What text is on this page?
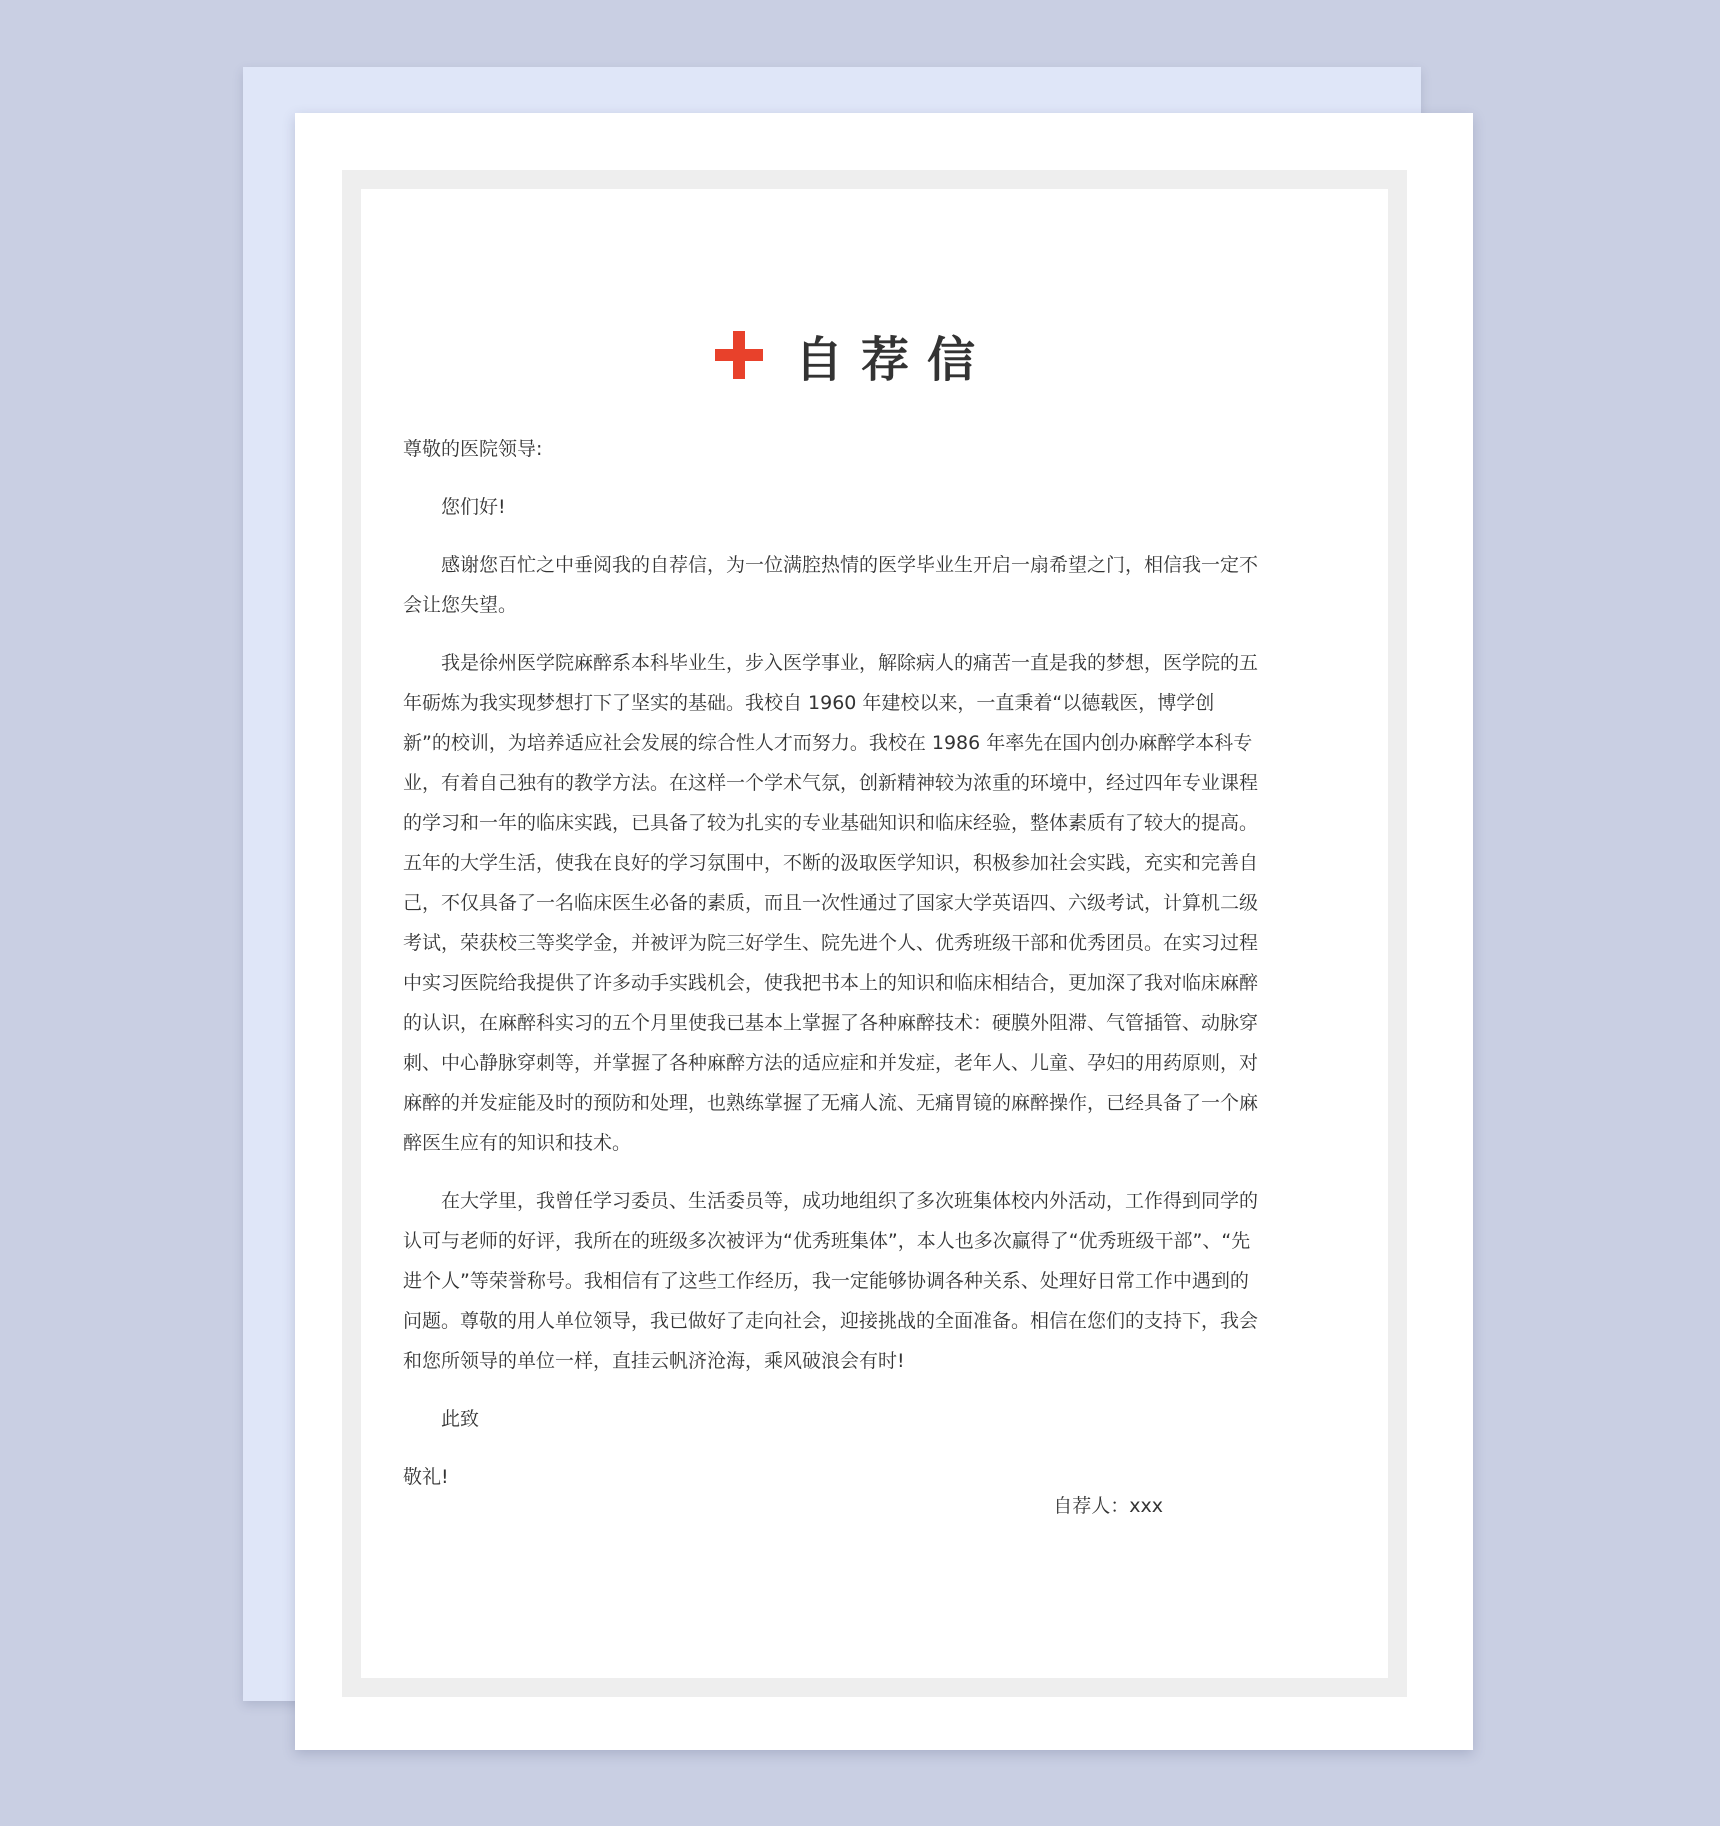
自荐信

尊敬的医院领导:

您们好!

感谢您百忙之中垂阅我的自荐信，为一位满腔热情的医学毕业生开启一扇希望之门，相信我一定不会让您失望。

我是徐州医学院麻醉系本科毕业生，步入医学事业，解除病人的痛苦一直是我的梦想，医学院的五年砺炼为我实现梦想打下了坚实的基础。我校自 1960 年建校以来，一直秉着“以德载医，博学创新”的校训，为培养适应社会发展的综合性人才而努力。我校在 1986 年率先在国内创办麻醉学本科专业，有着自己独有的教学方法。在这样一个学术气氛，创新精神较为浓重的环境中，经过四年专业课程的学习和一年的临床实践，已具备了较为扎实的专业基础知识和临床经验，整体素质有了较大的提高。五年的大学生活，使我在良好的学习氛围中，不断的汲取医学知识，积极参加社会实践，充实和完善自己，不仅具备了一名临床医生必备的素质，而且一次性通过了国家大学英语四、六级考试，计算机二级考试，荣获校三等奖学金，并被评为院三好学生、院先进个人、优秀班级干部和优秀团员。在实习过程中实习医院给我提供了许多动手实践机会，使我把书本上的知识和临床相结合，更加深了我对临床麻醉的认识，在麻醉科实习的五个月里使我已基本上掌握了各种麻醉技术：硬膜外阻滞、气管插管、动脉穿刺、中心静脉穿刺等，并掌握了各种麻醉方法的适应症和并发症，老年人、儿童、孕妇的用药原则，对麻醉的并发症能及时的预防和处理，也熟练掌握了无痛人流、无痛胃镜的麻醉操作，已经具备了一个麻醉医生应有的知识和技术。

在大学里，我曾任学习委员、生活委员等，成功地组织了多次班集体校内外活动，工作得到同学的认可与老师的好评，我所在的班级多次被评为“优秀班集体”，本人也多次赢得了“优秀班级干部”、“先进个人”等荣誉称号。我相信有了这些工作经历，我一定能够协调各种关系、处理好日常工作中遇到的问题。尊敬的用人单位领导，我已做好了走向社会，迎接挑战的全面准备。相信在您们的支持下，我会和您所领导的单位一样，直挂云帆济沧海，乘风破浪会有时!

此致

敬礼!

自荐人：xxx
